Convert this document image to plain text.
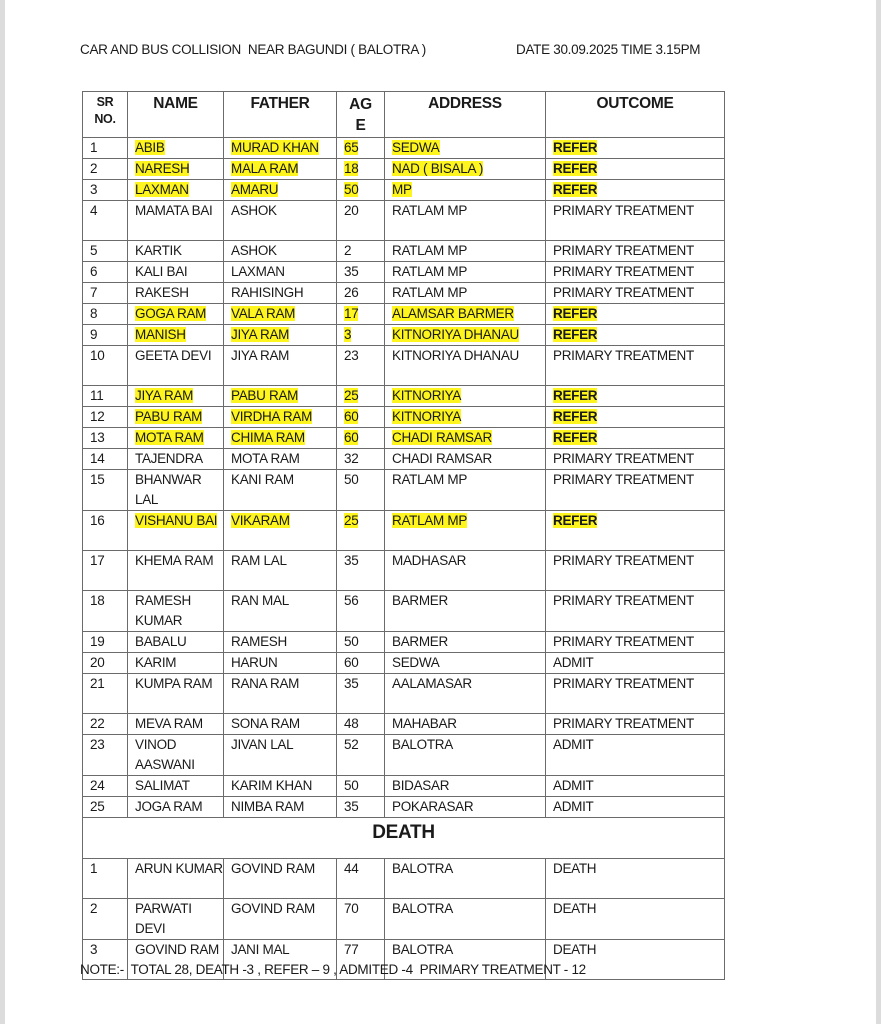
CAR AND BUS COLLISION  NEAR BAGUNDI ( BALOTRA )	DATE 30.09.2025 TIME 3.15PM
SR NO.	NAME	FATHER	AGE	ADDRESS	OUTCOME
1	ABIB	MURAD KHAN	65	SEDWA	REFER
2	NARESH	MALA RAM	18	NAD ( BISALA )	REFER
3	LAXMAN	AMARU	50	MP	REFER
4	MAMATA BAI	ASHOK	20	RATLAM MP	PRIMARY TREATMENT
5	KARTIK	ASHOK	2	RATLAM MP	PRIMARY TREATMENT
6	KALI BAI	LAXMAN	35	RATLAM MP	PRIMARY TREATMENT
7	RAKESH	RAHISINGH	26	RATLAM MP	PRIMARY TREATMENT
8	GOGA RAM	VALA RAM	17	ALAMSAR BARMER	REFER
9	MANISH	JIYA RAM	3	KITNORIYA DHANAU	REFER
10	GEETA DEVI	JIYA RAM	23	KITNORIYA DHANAU	PRIMARY TREATMENT
11	JIYA RAM	PABU RAM	25	KITNORIYA	REFER
12	PABU RAM	VIRDHA RAM	60	KITNORIYA	REFER
13	MOTA RAM	CHIMA RAM	60	CHADI RAMSAR	REFER
14	TAJENDRA	MOTA RAM	32	CHADI RAMSAR	PRIMARY TREATMENT
15	BHANWAR LAL	KANI RAM	50	RATLAM MP	PRIMARY TREATMENT
16	VISHANU BAI	VIKARAM	25	RATLAM MP	REFER
17	KHEMA RAM	RAM LAL	35	MADHASAR	PRIMARY TREATMENT
18	RAMESH KUMAR	RAN MAL	56	BARMER	PRIMARY TREATMENT
19	BABALU	RAMESH	50	BARMER	PRIMARY TREATMENT
20	KARIM	HARUN	60	SEDWA	ADMIT
21	KUMPA RAM	RANA RAM	35	AALAMASAR	PRIMARY TREATMENT
22	MEVA RAM	SONA RAM	48	MAHABAR	PRIMARY TREATMENT
23	VINOD AASWANI	JIVAN LAL	52	BALOTRA	ADMIT
24	SALIMAT	KARIM KHAN	50	BIDASAR	ADMIT
25	JOGA RAM	NIMBA RAM	35	POKARASAR	ADMIT
DEATH					
1	ARUN KUMAR	GOVIND RAM	44	BALOTRA	DEATH
2	PARWATI DEVI	GOVIND RAM	70	BALOTRA	DEATH
3	GOVIND RAM	JANI MAL	77	BALOTRA	DEATH
NOTE:-  TOTAL 28, DEATH -3 , REFER – 9 , ADMITED -4  PRIMARY TREATMENT - 12
